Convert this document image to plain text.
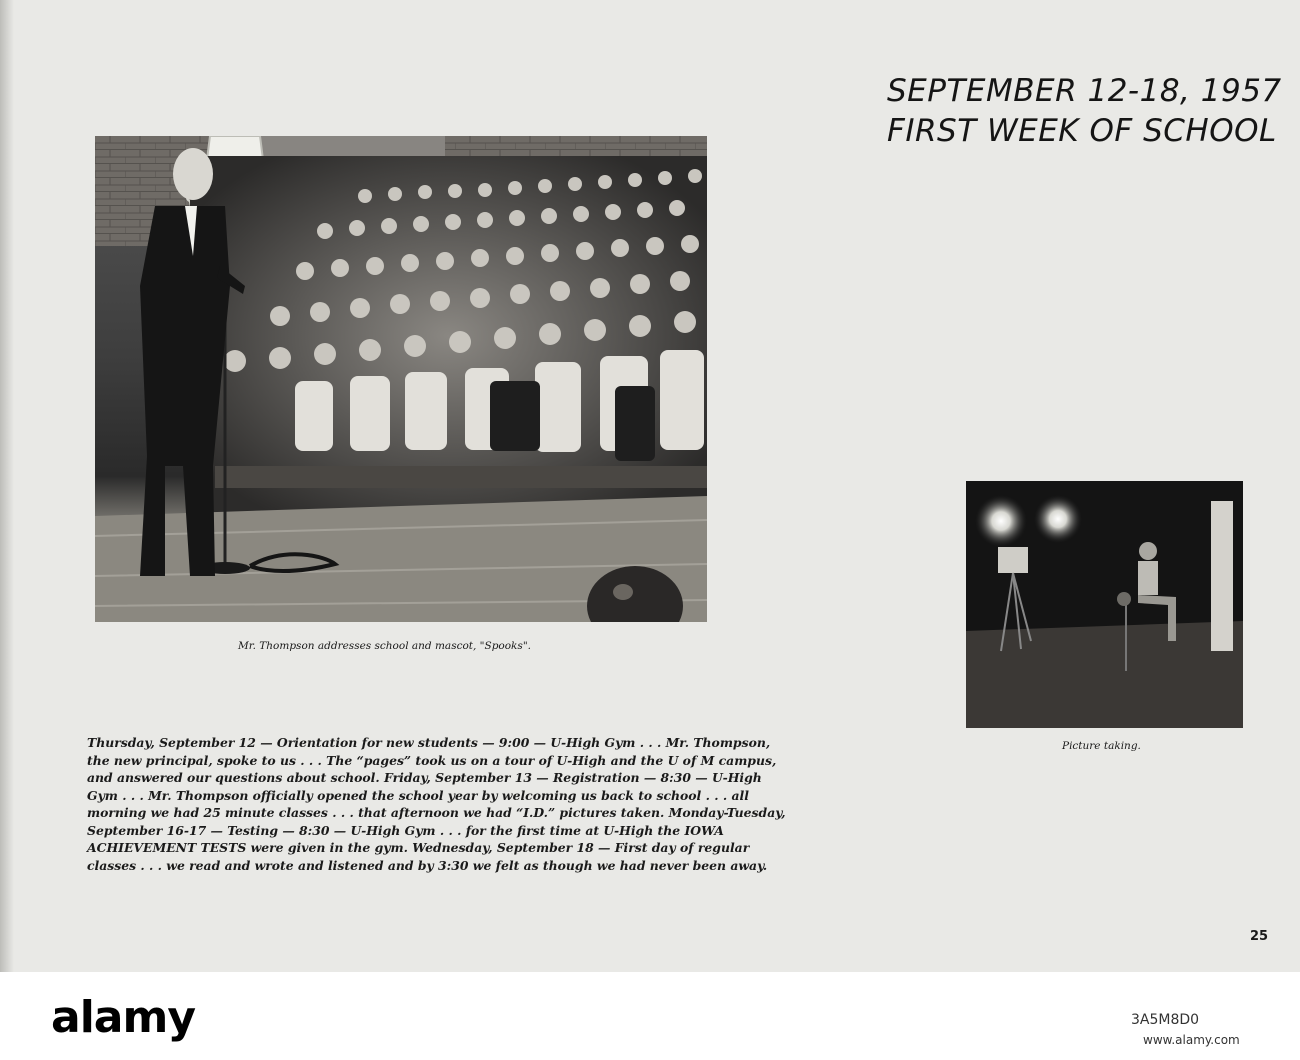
SEPTEMBER 12-18, 1957
FIRST WEEK OF SCHOOL
Mr. Thompson addresses school and mascot, "Spooks".
Picture taking.
Thursday, September 12 — Orientation for new students — 9:00 — U-High Gym . . . Mr. Thompson,
the new principal, spoke to us . . . The “pages” took us on a tour of U-High and the U of M campus,
and answered our questions about school. Friday, September 13 — Registration — 8:30 — U-High
Gym . . . Mr. Thompson officially opened the school year by welcoming us back to school . . . all
morning we had 25 minute classes . . . that afternoon we had “I.D.” pictures taken. Monday-Tuesday,
September 16-17 — Testing — 8:30 — U-High Gym . . . for the first time at U-High the IOWA
ACHIEVEMENT TESTS were given in the gym. Wednesday, September 18 — First day of regular
classes . . . we read and wrote and listened and by 3:30 we felt as though we had never been away.
25
alamy	3A5M8D0
www.alamy.com
